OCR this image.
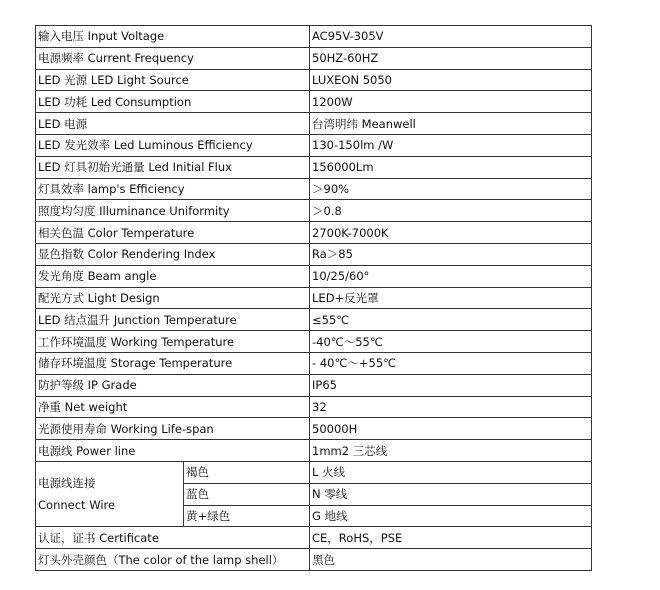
输入电压 Input Voltage		AC95V-305V
电源频率 Current Frequency		50HZ-60HZ
LED 光源 LED Light Source		LUXEON 5050
LED 功耗 Led Consumption		1200W
LED 电源		台湾明纬 Meanwell
LED 发光效率 Led Luminous Efficiency		130-150lm /W
LED 灯具初始光通量 Led Initial Flux		156000Lm
灯具效率 lamp's Efficiency		＞90%
照度均匀度 Illuminance Uniformity		＞0.8
相关色温 Color Temperature		2700K-7000K
显色指数 Color Rendering Index		Ra＞85
发光角度 Beam angle		10/25/60°
配光方式 Light Design		LED+反光罩
LED 结点温升 Junction Temperature		≤55℃
工作环境温度 Working Temperature		-40℃～55℃
储存环境温度 Storage Temperature		- 40℃～+55℃
防护等级 IP Grade		IP65
净重 Net weight		32
光源使用寿命 Working Life-span		50000H
电源线 Power line		1mm2 三芯线

电源线连接
Connect Wire	褐色	L 火线
	蓝色	N 零线
	黄+绿色	G 地线
认证，证书 Certificate		CE，RoHS，PSE
灯头外壳颜色（The color of the lamp shell）		黑色
